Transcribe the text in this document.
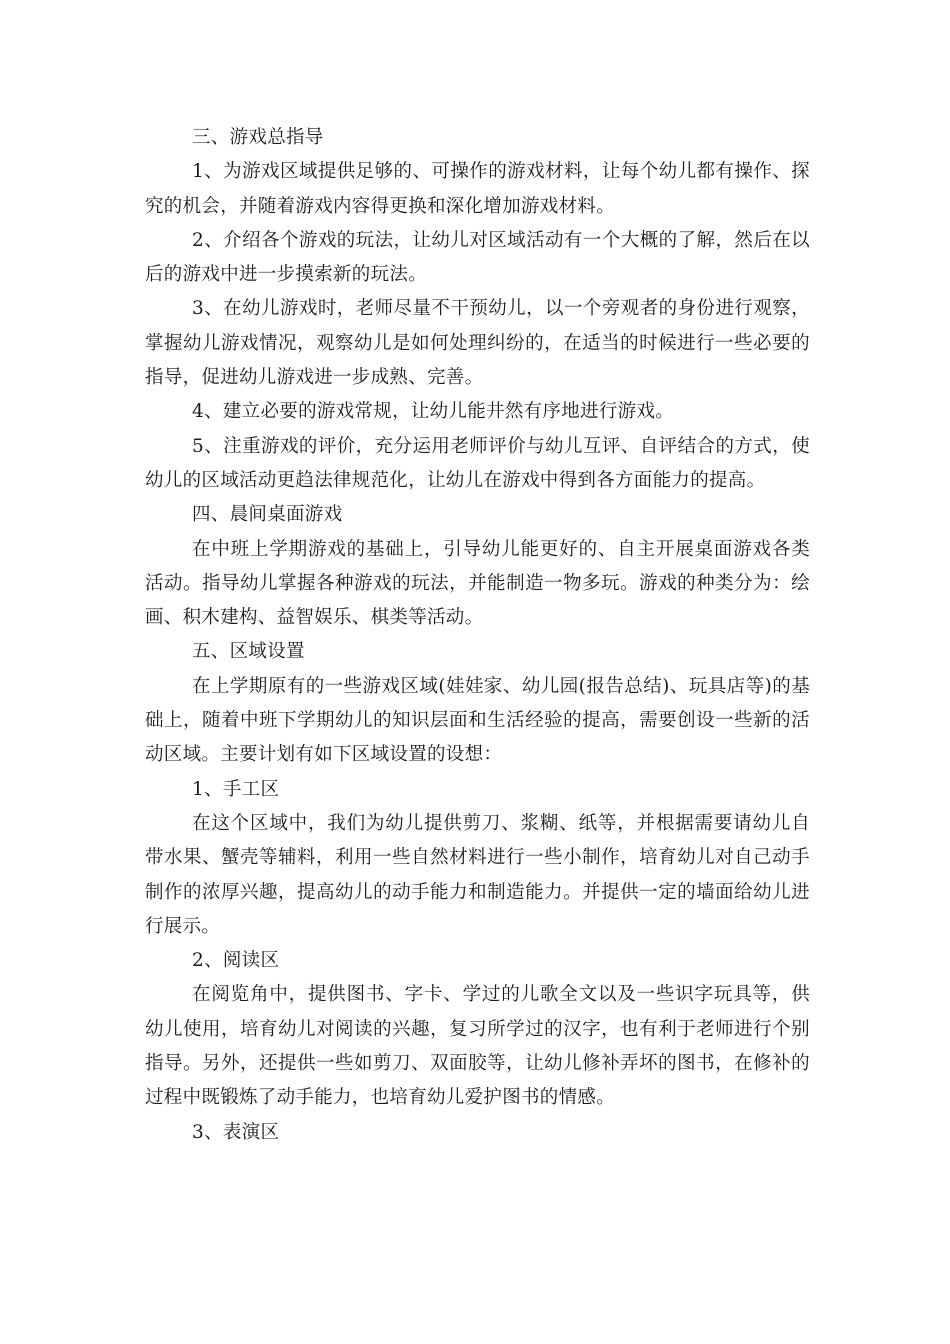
三、游戏总指导

1、为游戏区域提供足够的、可操作的游戏材料，让每个幼儿都有操作、探究的机会，并随着游戏内容得更换和深化增加游戏材料。

2、介绍各个游戏的玩法，让幼儿对区域活动有一个大概的了解，然后在以后的游戏中进一步摸索新的玩法。

3、在幼儿游戏时，老师尽量不干预幼儿，以一个旁观者的身份进行观察，掌握幼儿游戏情况，观察幼儿是如何处理纠纷的，在适当的时候进行一些必要的指导，促进幼儿游戏进一步成熟、完善。

4、建立必要的游戏常规，让幼儿能井然有序地进行游戏。

5、注重游戏的评价，充分运用老师评价与幼儿互评、自评结合的方式，使幼儿的区域活动更趋法律规范化，让幼儿在游戏中得到各方面能力的提高。

四、晨间桌面游戏

在中班上学期游戏的基础上，引导幼儿能更好的、自主开展桌面游戏各类活动。指导幼儿掌握各种游戏的玩法，并能制造一物多玩。游戏的种类分为：绘画、积木建构、益智娱乐、棋类等活动。

五、区域设置

在上学期原有的一些游戏区域(娃娃家、幼儿园(报告总结)、玩具店等)的基础上，随着中班下学期幼儿的知识层面和生活经验的提高，需要创设一些新的活动区域。主要计划有如下区域设置的设想：

1、手工区

在这个区域中，我们为幼儿提供剪刀、浆糊、纸等，并根据需要请幼儿自带水果、蟹壳等辅料，利用一些自然材料进行一些小制作，培育幼儿对自己动手制作的浓厚兴趣，提高幼儿的动手能力和制造能力。并提供一定的墙面给幼儿进行展示。

2、阅读区

在阅览角中，提供图书、字卡、学过的儿歌全文以及一些识字玩具等，供幼儿使用，培育幼儿对阅读的兴趣，复习所学过的汉字，也有利于老师进行个别指导。另外，还提供一些如剪刀、双面胶等，让幼儿修补弄坏的图书，在修补的过程中既锻炼了动手能力，也培育幼儿爱护图书的情感。

3、表演区
